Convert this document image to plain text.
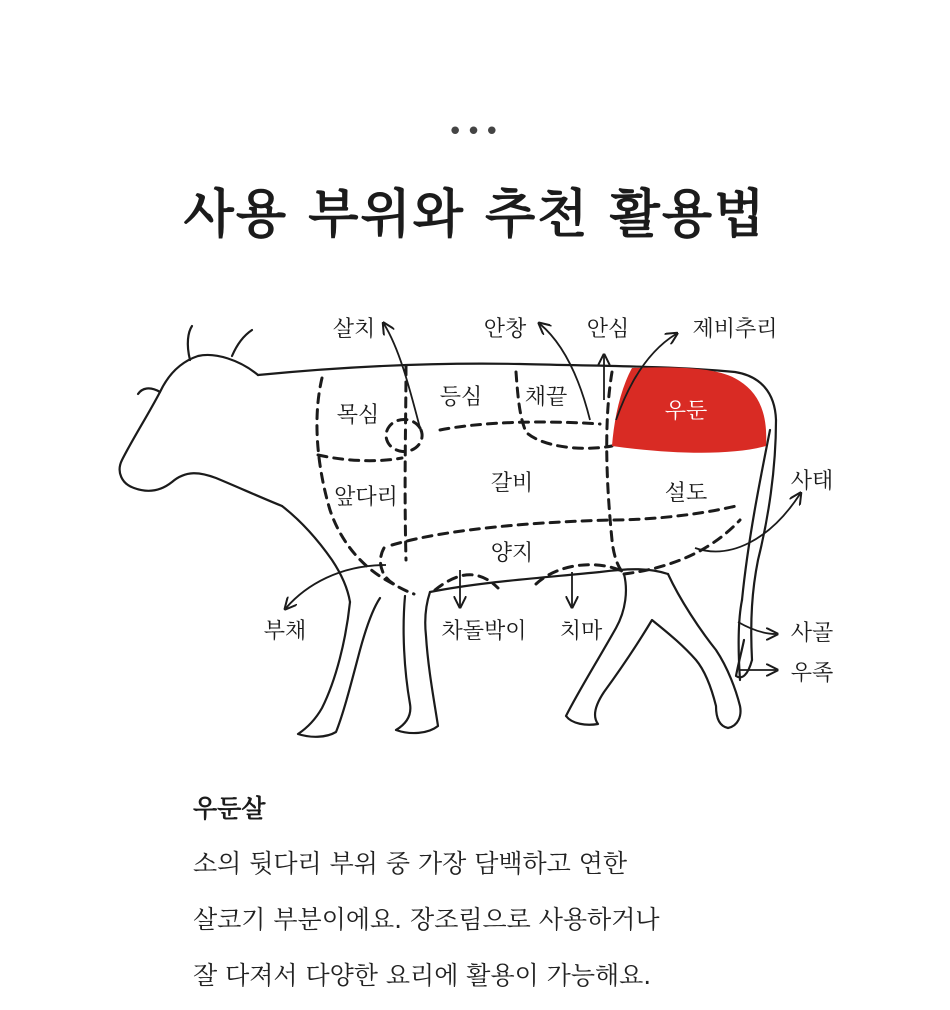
•••
사용 부위와 추천 활용법
목심
등심 채끝
우둔
앞다리
갈비	설도
양지
살치	안창	안심	제비추리
사태
부채	차돌박이 치마	사골
우족
우둔살
소의 뒷다리 부위 중 가장 담백하고 연한
살코기 부분이에요. 장조림으로 사용하거나
잘 다져서 다양한 요리에 활용이 가능해요.
